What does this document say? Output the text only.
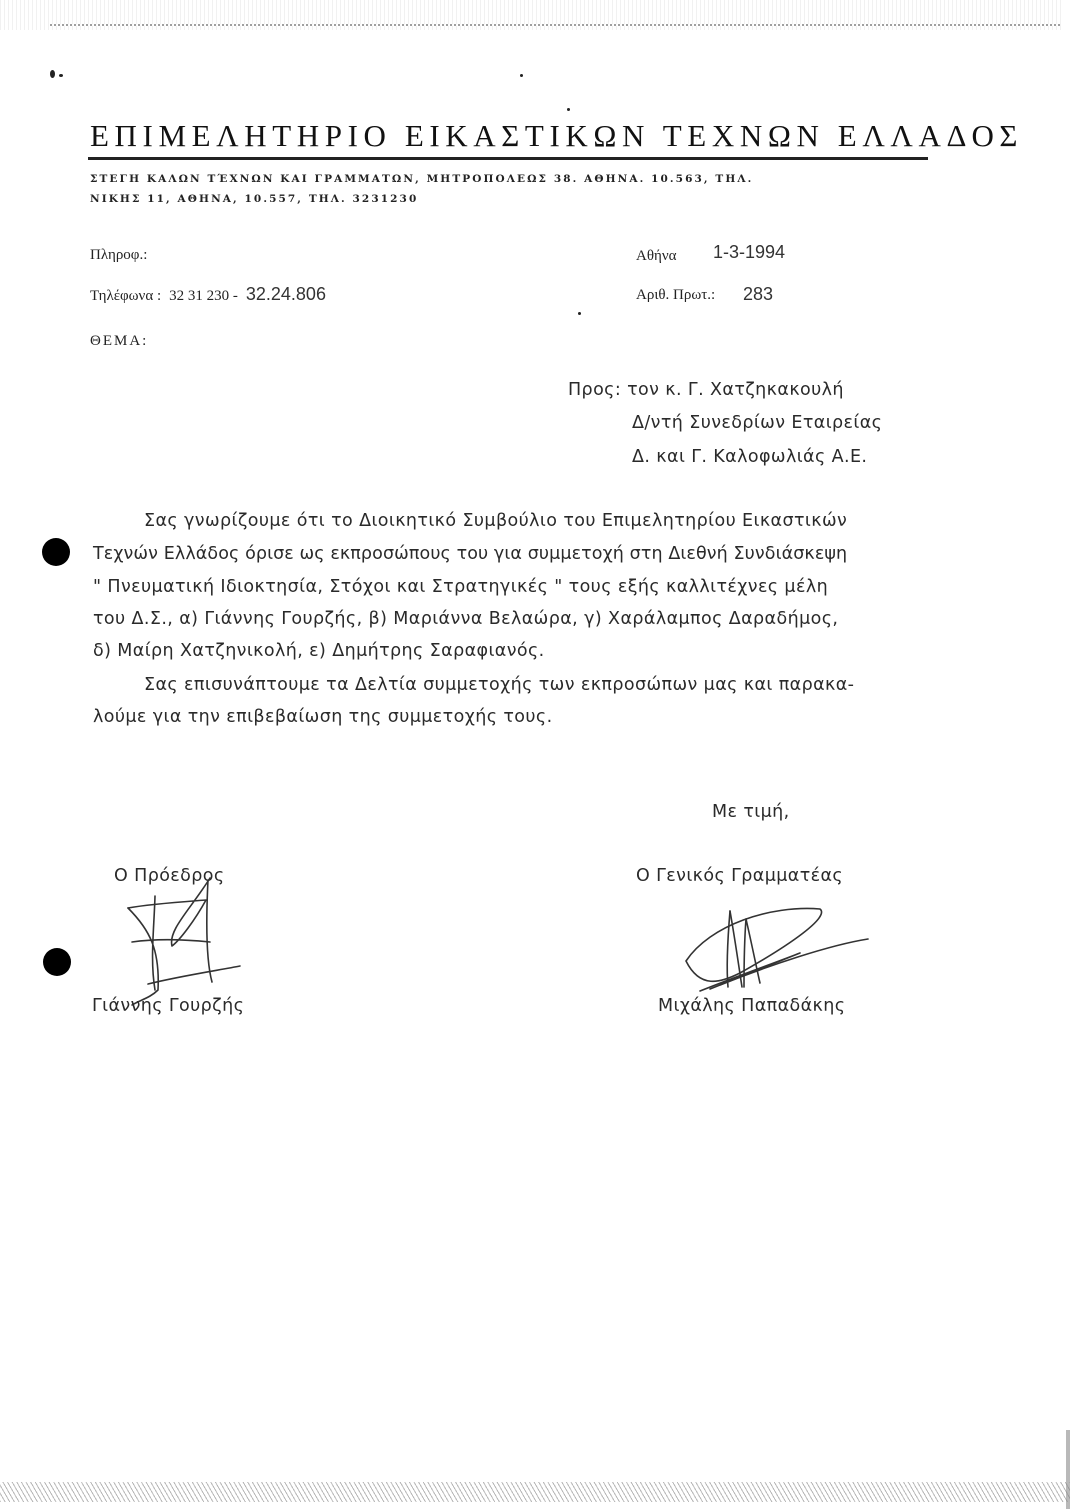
ΕΠΙΜΕΛΗΤΗΡΙΟ ΕΙΚΑΣΤΙΚΩΝ ΤΕΧΝΩΝ ΕΛΛΑΔΟΣ
ΣΤΕΓΗ ΚΑΛΩΝ ΤΈΧΝΩΝ ΚΑΙ ΓΡΑΜΜΑΤΩΝ, ΜΗΤΡΟΠΟΛΕΩΣ 38. ΑΘΗΝΑ. 10.563, ΤΗΛ.
ΝΙΚΗΣ 11, ΑΘΗΝΑ, 10.557, ΤΗΛ. 3231230
Πληροφ.:
Τηλέφωνα : 32 31 230 - 32.24.806
Αθήνα 1-3-1994
Αριθ. Πρωτ.: 283
ΘΕΜΑ:
Προς: τον κ. Γ. Χατζηκακουλή
Δ/ντή Συνεδρίων Εταιρείας
Δ. και Γ. Καλοφωλιάς Α.Ε.
Σας γνωρίζουμε ότι το Διοικητικό Συμβούλιο του Επιμελητηρίου Εικαστικών
Τεχνών Ελλάδος όρισε ως εκπροσώπους του για συμμετοχή στη Διεθνή Συνδιάσκεψη
" Πνευματική Ιδιοκτησία, Στόχοι και Στρατηγικές " τους εξής καλλιτέχνες μέλη
του Δ.Σ., α) Γιάννης Γουρζής, β) Μαριάννα Βελαώρα, γ) Χαράλαμπος Δαραδήμος,
δ) Μαίρη Χατζηνικολή, ε) Δημήτρης Σαραφιανός.
Σας επισυνάπτουμε τα Δελτία συμμετοχής των εκπροσώπων μας και παρακα-
λούμε για την επιβεβαίωση της συμμετοχής τους.
Με τιμή,
Ο Πρόεδρος
Γιάννης Γουρζής
Ο Γενικός Γραμματέας
Μιχάλης Παπαδάκης
